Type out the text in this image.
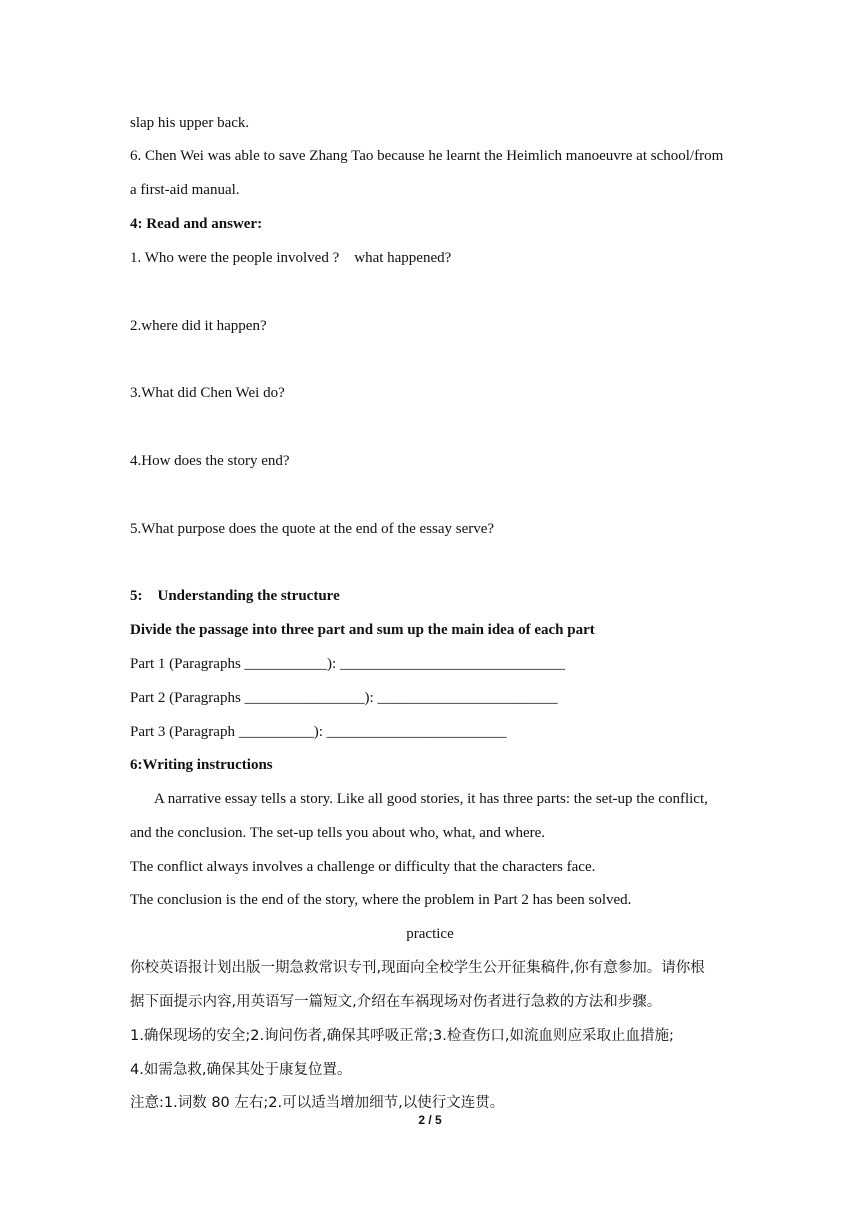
slap his upper back.
6. Chen Wei was able to save Zhang Tao because he learnt the Heimlich manoeuvre at school/from
a first-aid manual.
4: Read and answer:
1. Who were the people involved ?    what happened?
2.where did it happen?
3.What did Chen Wei do?
4.How does the story end?
5.What purpose does the quote at the end of the essay serve?
5:    Understanding the structure
Divide the passage into three part and sum up the main idea of each part
Part 1 (Paragraphs ___________): ______________________________
Part 2 (Paragraphs ________________): ________________________
Part 3 (Paragraph __________): ________________________
6:Writing instructions
A narrative essay tells a story. Like all good stories, it has three parts: the set-up the conflict,
and the conclusion. The set-up tells you about who, what, and where.
The conflict always involves a challenge or difficulty that the characters face.
The conclusion is the end of the story, where the problem in Part 2 has been solved.
practice
你校英语报计划出版一期急救常识专刊,现面向全校学生公开征集稿件,你有意参加。请你根
据下面提示内容,用英语写一篇短文,介绍在车祸现场对伤者进行急救的方法和步骤。
1.确保现场的安全;2.询问伤者,确保其呼吸正常;3.检查伤口,如流血则应采取止血措施;
4.如需急救,确保其处于康复位置。
注意:1.词数 80 左右;2.可以适当增加细节,以使行文连贯。
2 / 5
